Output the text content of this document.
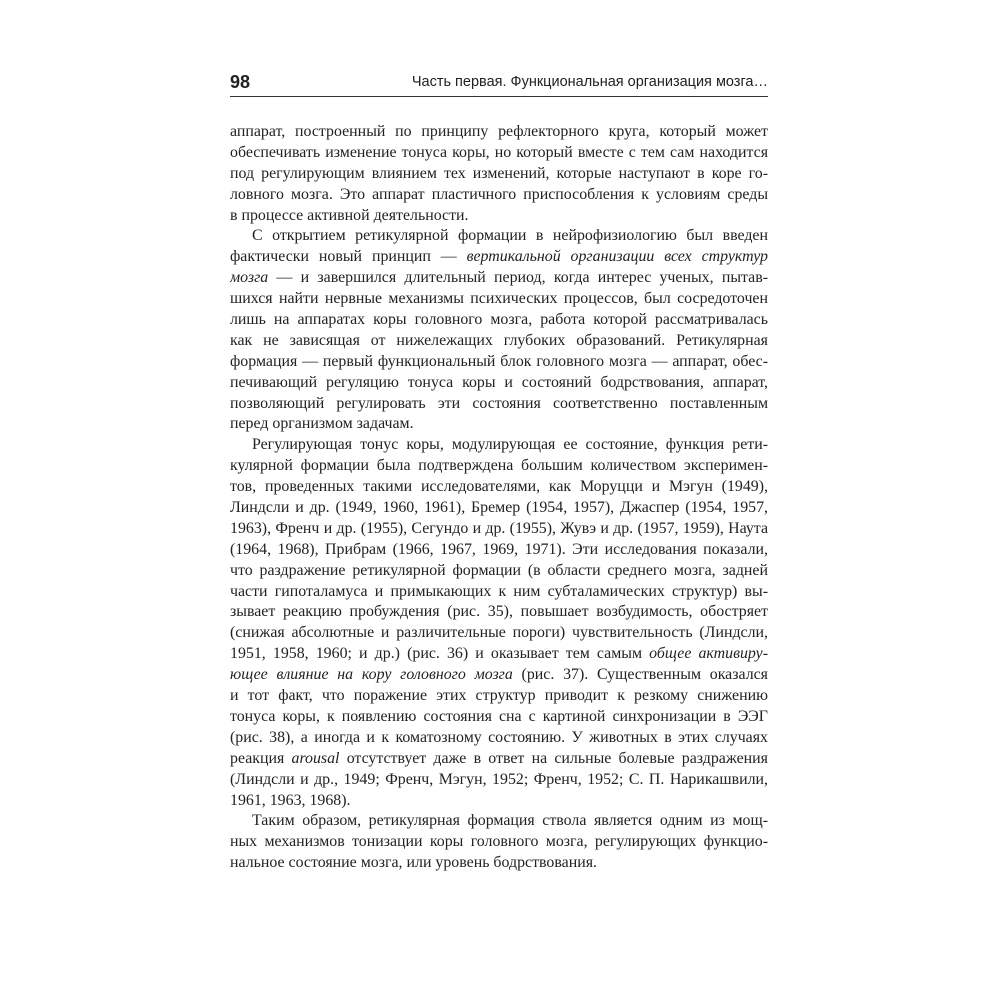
98	Часть первая. Функциональная организация мозга…
аппарат, построенный по принципу рефлекторного круга, который может
обеспечивать изменение тонуса коры, но который вместе с тем сам находится
под регулирующим влиянием тех изменений, которые наступают в коре го-
ловного мозга. Это аппарат пластичного приспособления к условиям среды
в процессе активной деятельности.
С открытием ретикулярной формации в нейрофизиологию был введен
фактически новый принцип — вертикальной организации всех структур
мозга — и завершился длительный период, когда интерес ученых, пытав-
шихся найти нервные механизмы психических процессов, был сосредоточен
лишь на аппаратах коры головного мозга, работа которой рассматривалась
как не зависящая от нижележащих глубоких образований. Ретикулярная
формация — первый функциональный блок головного мозга — аппарат, обес-
печивающий регуляцию тонуса коры и состояний бодрствования, аппарат,
позволяющий регулировать эти состояния соответственно поставленным
перед организмом задачам.
Регулирующая тонус коры, модулирующая ее состояние, функция рети-
кулярной формации была подтверждена большим количеством эксперимен-
тов, проведенных такими исследователями, как Моруцци и Мэгун (1949),
Линдсли и др. (1949, 1960, 1961), Бремер (1954, 1957), Джаспер (1954, 1957,
1963), Френч и др. (1955), Сегундо и др. (1955), Жувэ и др. (1957, 1959), Наута
(1964, 1968), Прибрам (1966, 1967, 1969, 1971). Эти исследования показали,
что раздражение ретикулярной формации (в области среднего мозга, задней
части гипоталамуса и примыкающих к ним субталамических структур) вы-
зывает реакцию пробуждения (рис. 35), повышает возбудимость, обостряет
(снижая абсолютные и различительные пороги) чувствительность (Линдсли,
1951, 1958, 1960; и др.) (рис. 36) и оказывает тем самым общее активиру-
ющее влияние на кору головного мозга (рис. 37). Существенным оказался
и тот факт, что поражение этих структур приводит к резкому снижению
тонуса коры, к появлению состояния сна с картиной синхронизации в ЭЭГ
(рис. 38), а иногда и к коматозному состоянию. У животных в этих случаях
реакция arousal отсутствует даже в ответ на сильные болевые раздражения
(Линдсли и др., 1949; Френч, Мэгун, 1952; Френч, 1952; С. П. Нарикашвили,
1961, 1963, 1968).
Таким образом, ретикулярная формация ствола является одним из мощ-
ных механизмов тонизации коры головного мозга, регулирующих функцио-
нальное состояние мозга, или уровень бодрствования.
